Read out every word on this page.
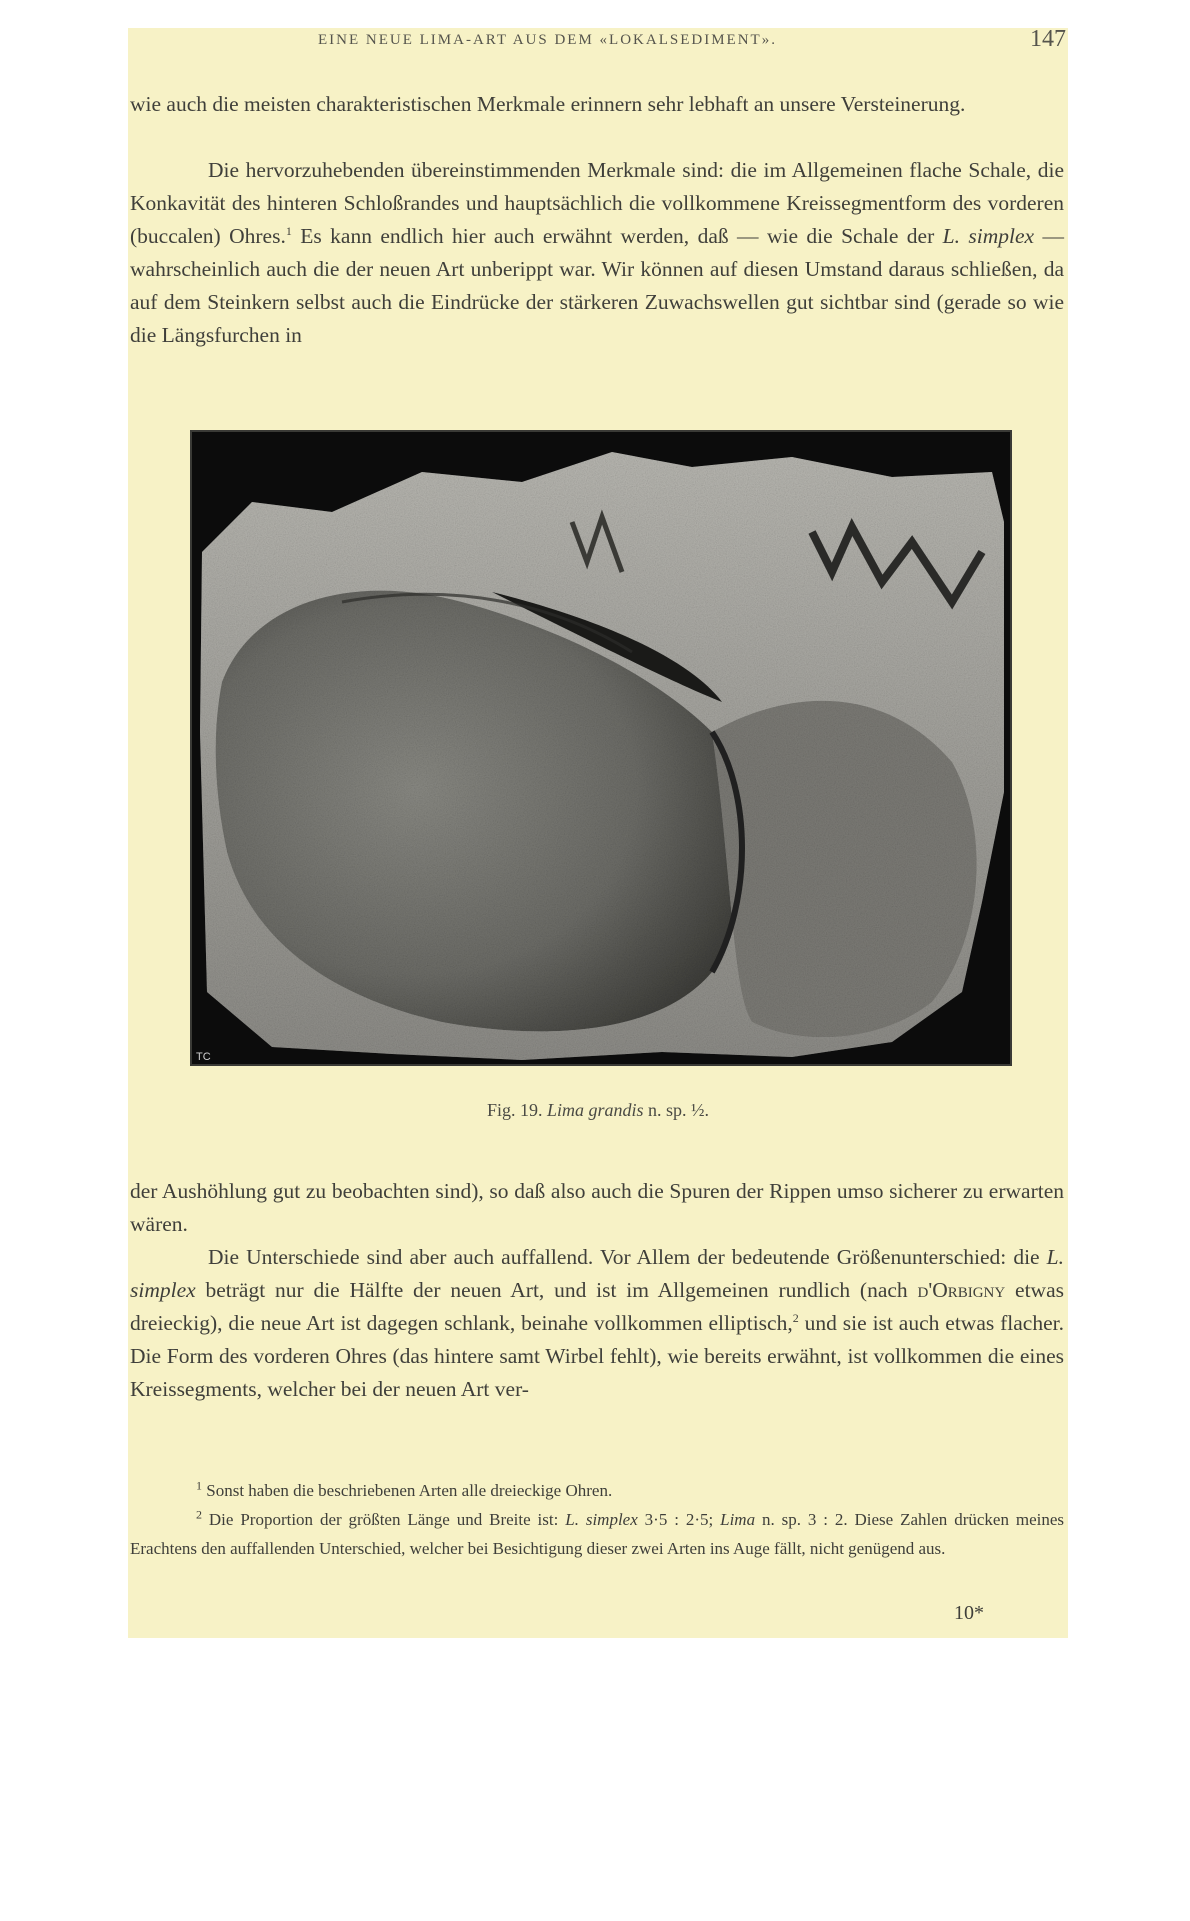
EINE NEUE LIMA-ART AUS DEM «LOKALSEDIMENT».	147

wie auch die meisten charakteristischen Merkmale erinnern sehr lebhaft an unsere Versteinerung.

Die hervorzuhebenden übereinstimmenden Merkmale sind: die im Allgemeinen flache Schale, die Konkavität des hinteren Schloßrandes und hauptsächlich die vollkommene Kreissegmentform des vorderen (buccalen) Ohres.$^1$ Es kann endlich hier auch erwähnt werden, daß — wie die Schale der L. simplex — wahrscheinlich auch die der neuen Art unberippt war. Wir können auf diesen Umstand daraus schließen, da auf dem Steinkern selbst auch die Eindrücke der stärkeren Zuwachswellen gut sichtbar sind (gerade so wie die Längsfurchen in

TC
Fig. 19. Lima grandis n. sp. ½.

der Aushöhlung gut zu beobachten sind), so daß also auch die Spuren der Rippen umso sicherer zu erwarten wären.

Die Unterschiede sind aber auch auffallend. Vor Allem der bedeutende Größenunterschied: die L. simplex beträgt nur die Hälfte der neuen Art, und ist im Allgemeinen rundlich (nach d'Orbigny etwas dreieckig), die neue Art ist dagegen schlank, beinahe vollkommen elliptisch,$^2$ und sie ist auch etwas flacher. Die Form des vorderen Ohres (das hintere samt Wirbel fehlt), wie bereits erwähnt, ist vollkommen die eines Kreissegments, welcher bei der neuen Art ver-

$^1$ Sonst haben die beschriebenen Arten alle dreieckige Ohren.

$^2$ Die Proportion der größten Länge und Breite ist: L. simplex 3·5 : 2·5; Lima n. sp. 3 : 2. Diese Zahlen drücken meines Erachtens den auffallenden Unterschied, welcher bei Besichtigung dieser zwei Arten ins Auge fällt, nicht genügend aus.

10*
